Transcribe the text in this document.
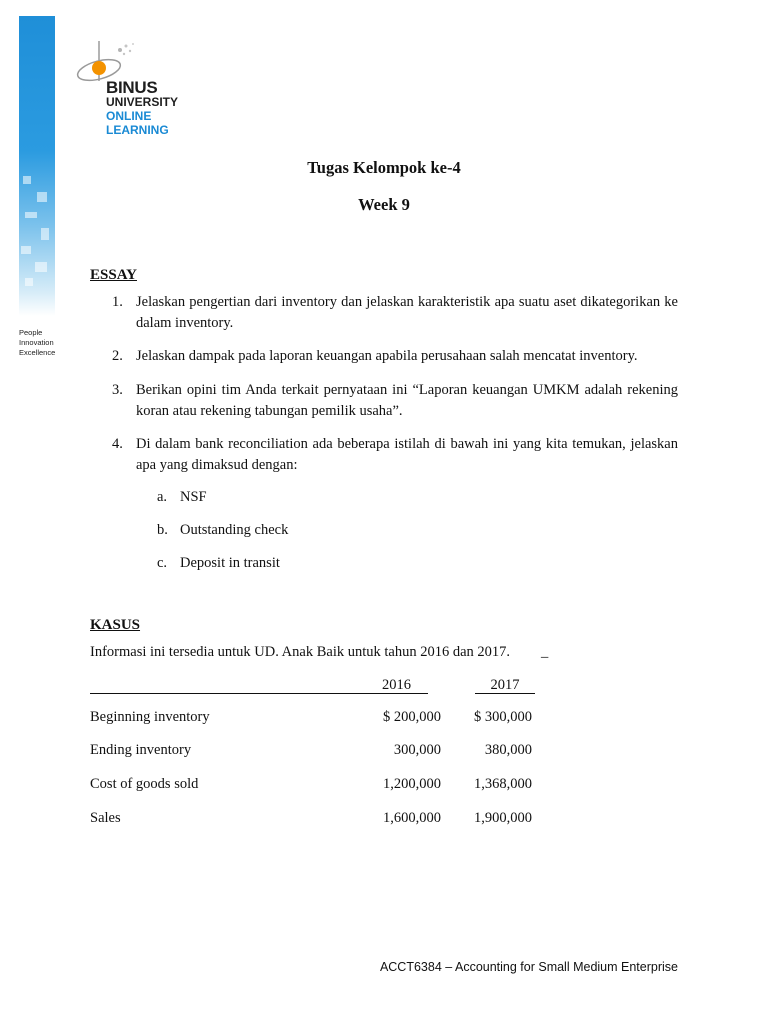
People
Innovation
Excellence
BINUS
UNIVERSITY
ONLINE
LEARNING
Tugas Kelompok ke-4
Week 9
ESSAY
1. Jelaskan pengertian dari inventory dan jelaskan karakteristik apa suatu aset dikategorikan ke dalam inventory.
2. Jelaskan dampak pada laporan keuangan apabila perusahaan salah mencatat inventory.
3. Berikan opini tim Anda terkait pernyataan ini “Laporan keuangan UMKM adalah rekening koran atau rekening tabungan pemilik usaha”.
4. Di dalam bank reconciliation ada beberapa istilah di bawah ini yang kita temukan, jelaskan apa yang dimaksud dengan:
a. NSF
b. Outstanding check
c. Deposit in transit
KASUS
Informasi ini tersedia untuk UD. Anak Baik untuk tahun 2016 dan 2017. _
2016	2017
Beginning inventory	$ 200,000 $ 300,000
Ending inventory	300,000	380,000
Cost of goods sold	1,200,000 1,368,000
Sales	1,600,000 1,900,000
ACCT6384 – Accounting for Small Medium Enterprise
